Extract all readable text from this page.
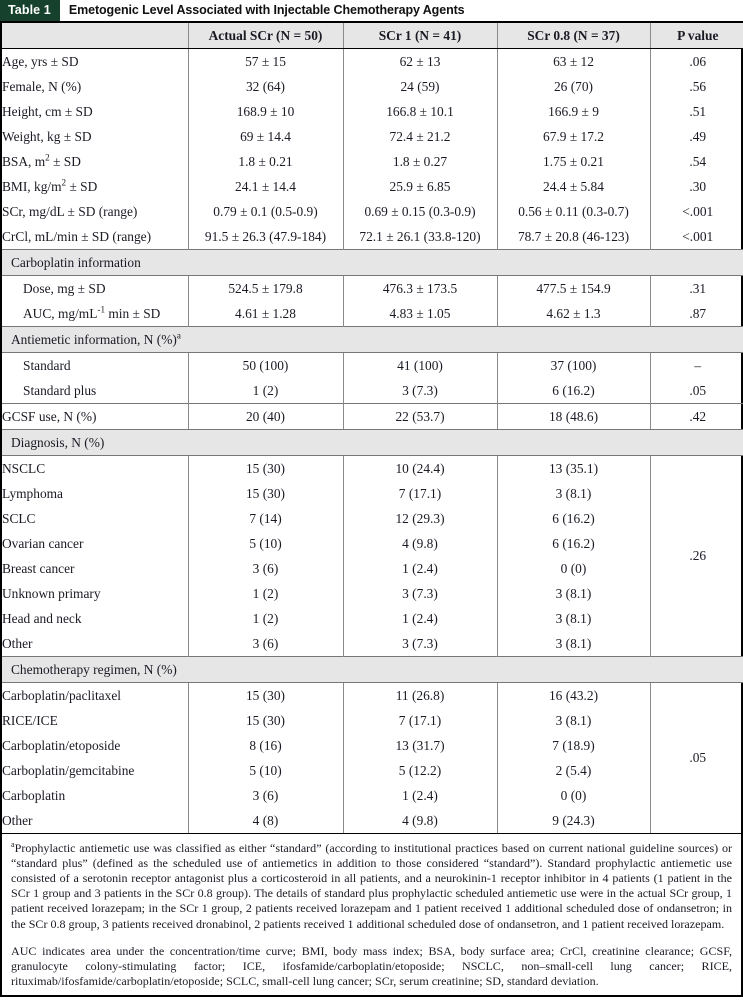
Table 1	Emetogenic Level Associated with Injectable Chemotherapy Agents
	Actual SCr (N = 50)	SCr 1 (N = 41)	SCr 0.8 (N = 37)	P value
Age, yrs ± SD	57 ± 15	62 ± 13	63 ± 12	.06
Female, N (%)	32 (64)	24 (59)	26 (70)	.56
Height, cm ± SD	168.9 ± 10	166.8 ± 10.1	166.9 ± 9	.51
Weight, kg ± SD	69 ± 14.4	72.4 ± 21.2	67.9 ± 17.2	.49
BSA, $m^2$ ± SD	1.8 ± 0.21	1.8 ± 0.27	1.75 ± 0.21	.54
BMI, $kg/m^2$ ± SD	24.1 ± 14.4	25.9 ± 6.85	24.4 ± 5.84	.30
SCr, mg/dL ± SD (range)	0.79 ± 0.1 (0.5-0.9)	0.69 ± 0.15 (0.3-0.9)	0.56 ± 0.11 (0.3-0.7)	<.001
CrCl, mL/min ± SD (range)	91.5 ± 26.3 (47.9-184)	72.1 ± 26.1 (33.8-120)	78.7 ± 20.8 (46-123)	<.001
Carboplatin information				
Dose, mg ± SD	524.5 ± 179.8	476.3 ± 173.5	477.5 ± 154.9	.31
AUC, $mg/mL^{-1}$ min ± SD	4.61 ± 1.28	4.83 ± 1.05	4.62 ± 1.3	.87
Antiemetic information, N (%)$^a$
Standard	50 (100)	41 (100)	37 (100)	–
Standard plus	1 (2)	3 (7.3)	6 (16.2)	.05
GCSF use, N (%)	20 (40)	22 (53.7)	18 (48.6)	.42
Diagnosis, N (%)				
NSCLC	15 (30)	10 (24.4)	13 (35.1)	.26
Lymphoma	15 (30)	7 (17.1)	3 (8.1)	
SCLC	7 (14)	12 (29.3)	6 (16.2)	
Ovarian cancer	5 (10)	4 (9.8)	6 (16.2)	
Breast cancer	3 (6)	1 (2.4)	0 (0)	
Unknown primary	1 (2)	3 (7.3)	3 (8.1)	
Head and neck	1 (2)	1 (2.4)	3 (8.1)	
Other	3 (6)	3 (7.3)	3 (8.1)	
Chemotherapy regimen, N (%)				
Carboplatin/paclitaxel	15 (30)	11 (26.8)	16 (43.2)	.05
RICE/ICE	15 (30)	7 (17.1)	3 (8.1)	
Carboplatin/etoposide	8 (16)	13 (31.7)	7 (18.9)	
Carboplatin/gemcitabine	5 (10)	5 (12.2)	2 (5.4)	
Carboplatin	3 (6)	1 (2.4)	0 (0)	
Other	4 (8)	4 (9.8)	9 (24.3)	

$^a$Prophylactic antiemetic use was classified as either “standard” (according to institutional practices based on current national guideline sources) or “standard plus” (defined as the scheduled use of antiemetics in addition to those considered “standard”). Standard prophylactic antiemetic use consisted of a serotonin receptor antagonist plus a corticosteroid in all patients, and a neurokinin-1 receptor inhibitor in 4 patients (1 patient in the SCr 1 group and 3 patients in the SCr 0.8 group). The details of standard plus prophylactic scheduled antiemetic use were in the actual SCr group, 1 patient received lorazepam; in the SCr 1 group, 2 patients received lorazepam and 1 patient received 1 additional scheduled dose of ondansetron; in the SCr 0.8 group, 3 patients received dronabinol, 2 patients received 1 additional scheduled dose of ondansetron, and 1 patient received lorazepam.

AUC indicates area under the concentration/time curve; BMI, body mass index; BSA, body surface area; CrCl, creatinine clearance; GCSF, granulocyte colony-stimulating factor; ICE, ifosfamide/carboplatin/etoposide; NSCLC, non–small-cell lung cancer; RICE, rituximab/ifosfamide/carboplatin/etoposide; SCLC, small-cell lung cancer; SCr, serum creatinine; SD, standard deviation.
